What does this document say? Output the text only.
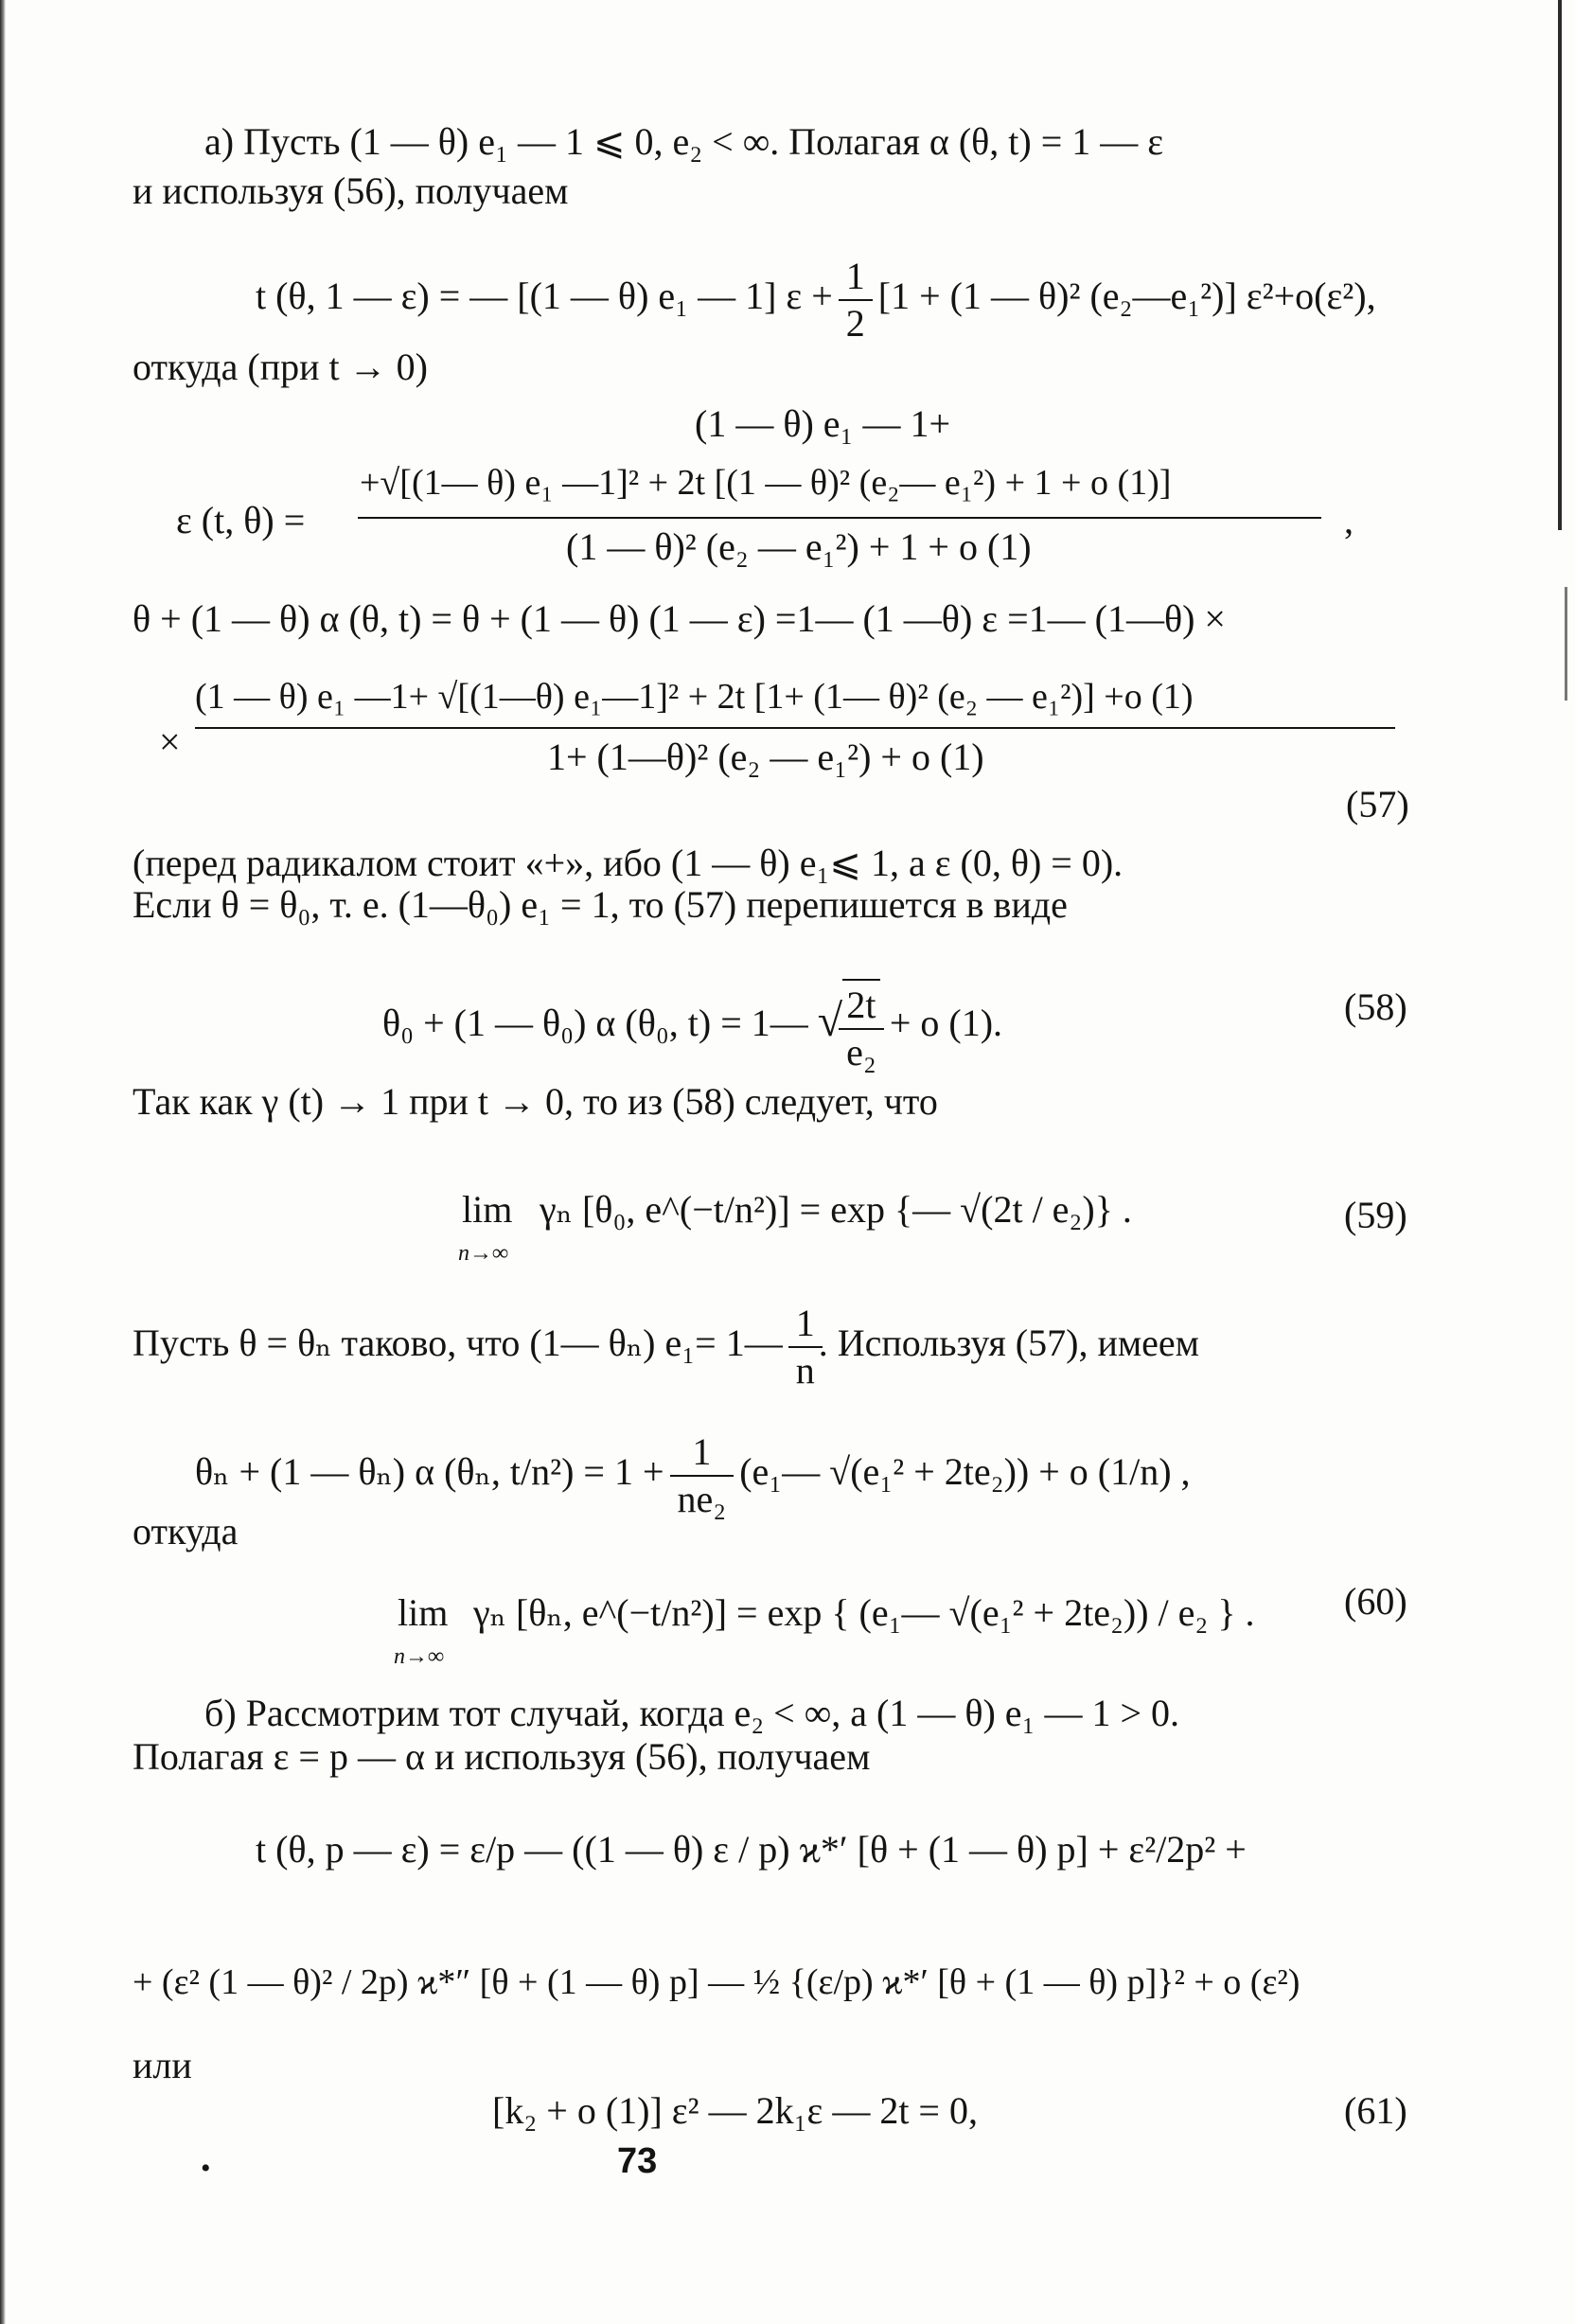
а) Пусть (1 — θ) e₁ — 1 ⩽ 0, e₂ < ∞. Полагая α (θ, t) = 1 — ε
и используя (56), получаем
t (θ, 1 — ε) = — [(1 — θ) e₁ — 1] $\varepsilon + \frac{1}{2} [1 + (1$ — θ)² (e₂—e₁²)] ε²+o(ε²),
откуда (при t → 0)
(1 — θ) e₁ — 1+
+√[(1— θ) e₁ —1]² + 2t [(1 — θ)² (e₂— e₁²) + 1 + o (1)]
ε (t, θ) =
(1 — θ)² (e₂ — e₁²) + 1 + o (1)
,
θ + (1 — θ) α (θ, t) = θ + (1 — θ) (1 — ε) =1— (1 —θ) ε =1— (1—θ) ×
×
(1 — θ) e₁ —1+ √[(1—θ) e₁—1]² + 2t [1+ (1— θ)² (e₂ — e₁²)] +o (1)
1+ (1—θ)² (e₂ — e₁²) + o (1)
(57)
(перед радикалом стоит «+», ибо (1 — θ) e₁⩽ 1, а ε (0, θ) = 0).
Если θ = θ₀, т. е. (1—θ₀) e₁ = 1, то (57) перепишется в виде
θ₀ + (1 — θ₀) α (θ₀, t) = 1— √ $\frac{2t}{\text{e₂}} + o$ (1).	(58)
Так как γ (t) → 1 при t → 0, то из (58) следует, что
lim
n→∞
γₙ [θ₀, e^(−t/n²)] = exp {— √(2t / e₂)} .	(59)
Пусть θ = θₙ таково, что (1— θₙ) e₁= 1— $\frac{1}{n}$ . Используя (57), имеем
θₙ + (1 — θₙ) α (θₙ, $t/n^2) = 1 + \frac{1}{\text{ne₂}}$ (e₁— √(e₁² + 2te₂)) + o (1/n) ,
откуда
lim
n→∞
γₙ [θₙ, e^(−t/n²)] = exp { (e₁— √(e₁² + 2te₂)) / e₂ } . (60)
б) Рассмотрим тот случай, когда e₂ < ∞, а (1 — θ) e₁ — 1 > 0.
Полагая ε = p — α и используя (56), получаем
t (θ, p — ε) = ε/p — ((1 — θ) ε / p) ϰ*′ [θ + (1 — θ) p] + ε²/2p² +
+ (ε² (1 — θ)² / 2p) ϰ*″ [θ + (1 — θ) p] — ½ {(ε/p) ϰ*′ [θ + (1 — θ) p]}² + o (ε²)
или
[k₂ + o (1)] ε² — 2k₁ε — 2t = 0,	(61)
•	73
